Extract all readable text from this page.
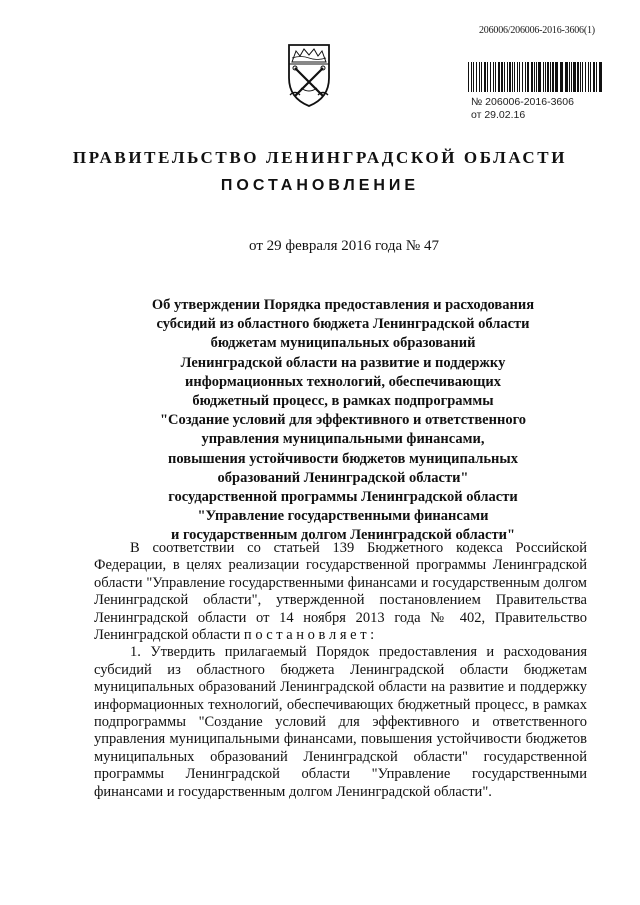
206006/206006-2016-3606(1)
№ 206006-2016-3606
от 29.02.16
ПРАВИТЕЛЬСТВО ЛЕНИНГРАДСКОЙ ОБЛАСТИ
ПОСТАНОВЛЕНИЕ
от 29 февраля 2016 года № 47
Об утверждении Порядка предоставления и расходования
субсидий из областного бюджета Ленинградской области
бюджетам муниципальных образований
Ленинградской области на развитие и поддержку
информационных технологий, обеспечивающих
бюджетный процесс, в рамках подпрограммы
"Создание условий для эффективного и ответственного
управления муниципальными финансами,
повышения устойчивости бюджетов муниципальных
образований Ленинградской области"
государственной программы Ленинградской области
"Управление государственными финансами
и государственным долгом Ленинградской области"
В соответствии со статьей 139 Бюджетного кодекса Российской Федерации, в целях реализации государственной программы Ленинградской области "Управление государственными финансами и государственным долгом Ленинградской области", утвержденной постановлением Правительства Ленинградской области от 14 ноября 2013 года № 402, Правительство Ленинградской области п о с т а н о в л я е т :
1. Утвердить прилагаемый Порядок предоставления и расходования субсидий из областного бюджета Ленинградской области бюджетам муниципальных образований Ленинградской области на развитие и поддержку информационных технологий, обеспечивающих бюджетный процесс, в рамках подпрограммы "Создание условий для эффективного и ответственного управления муниципальными финансами, повышения устойчивости бюджетов муниципальных образований Ленинградской области" государственной программы Ленинградской области "Управление государственными финансами и государственным долгом Ленинградской области".
